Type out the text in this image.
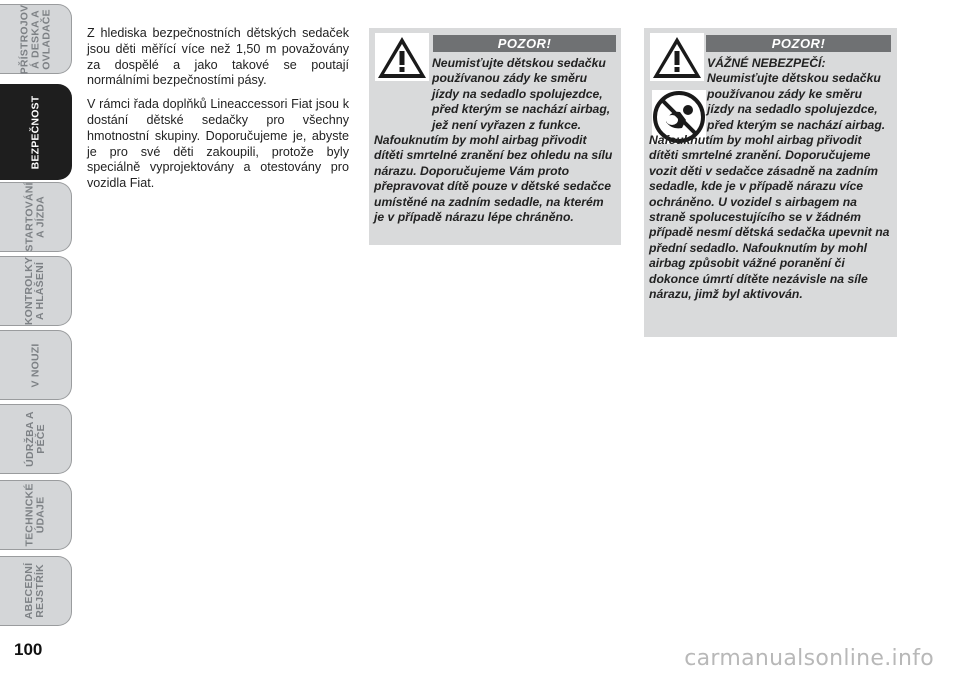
PŘÍSTROJOV Á DESKA A OVLADAČE
BEZPEČNOST
STARTOVÁNÍ A JÍZDA
KONTROLKY A HLÁŠENÍ
V NOUZI
ÚDRŽBA A PÉČE
TECHNICKÉ ÚDAJE
ABECEDNÍ REJSTŘÍK
100

Z hlediska bezpečnostních dětských sedaček jsou děti měřící více než 1,50 m považovány za dospělé a jako takové se poutají normálními bezpečnostími pásy.

V rámci řada doplňků Lineaccessori Fiat jsou k dostání dětské sedačky pro všechny hmotnostní skupiny. Doporučujeme je, abyste je pro své děti zakoupili, protože byly speciálně vyprojektovány a otestovány pro vozidla Fiat.

POZOR!
Neumisťujte dětskou sedačku používanou zády ke směru jízdy na sedadlo spolujezdce, před kterým se nachází airbag, jež není vyřazen z funkce.
Nafouknutím by mohl airbag přivodit dítěti smrtelné zranění bez ohledu na sílu nárazu. Doporučujeme Vám proto přepravovat dítě pouze v dětské sedačce umístěné na zadním sedadle, na kterém je v případě nárazu lépe chráněno.
POZOR!
VÁŽNÉ NEBEZPEČÍ: Neumisťujte dětskou sedačku
používanou zády ke směru jízdy na sedadlo spolujezdce, před kterým se nachází airbag.
Nafouknutím by mohl airbag přivodit dítěti smrtelné zranění. Doporučujeme vozit děti v sedačce zásadně na zadním sedadle, kde je v případě nárazu více ochráněno. U vozidel s airbagem na straně spolucestujícího se v žádném případě nesmí dětská sedačka upevnit na přední sedadlo. Nafouknutím by mohl airbag způsobit vážné poranění či dokonce úmrtí dítěte nezávisle na síle nárazu, jimž byl aktivován.
carmanualsonline.info
